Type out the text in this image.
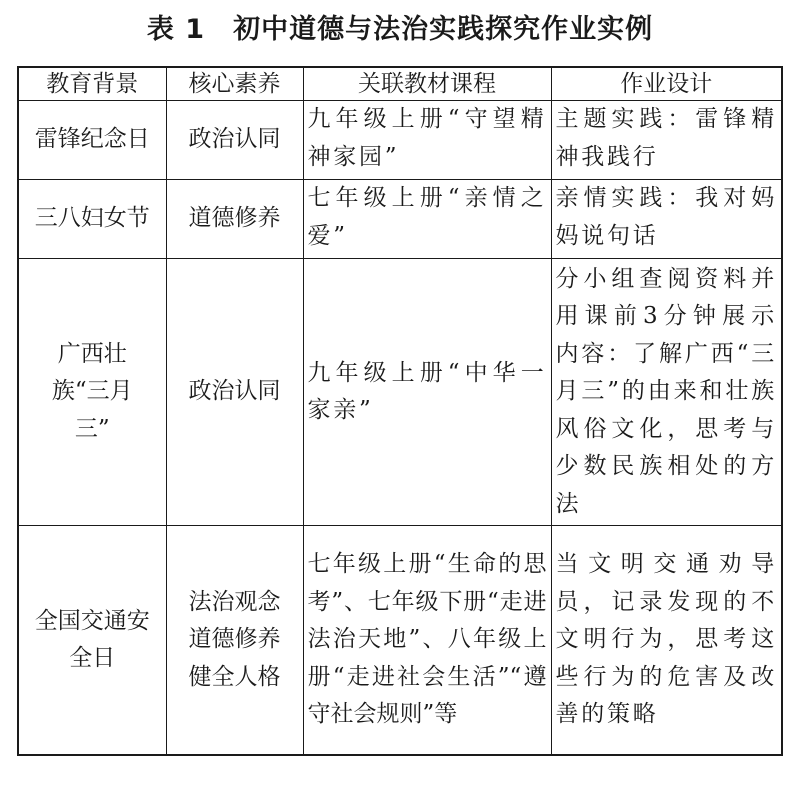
表 1 初中道德与法治实践探究作业实例
教育背景	核心素养	关联教材课程	作业设计
雷锋纪念日	政治认同	九年级上册“守望精神家园”	主题实践：雷锋精神我践行
三八妇女节	道德修养	七年级上册“亲情之爱”	亲情实践：我对妈妈说句话
广西壮族“三月三”	政治认同	九年级上册“中华一家亲”	分小组查阅资料并用课前3分钟展示内容：了解广西“三月三”的由来和壮族风俗文化，思考与少数民族相处的方法
全国交通安全日	法治观念道德修养健全人格	七年级上册“生命的思考”、七年级下册“走进法治天地”、八年级上册“走进社会生活”“遵守社会规则”等	当文明交通劝导员，记录发现的不文明行为，思考这些行为的危害及改善的策略
